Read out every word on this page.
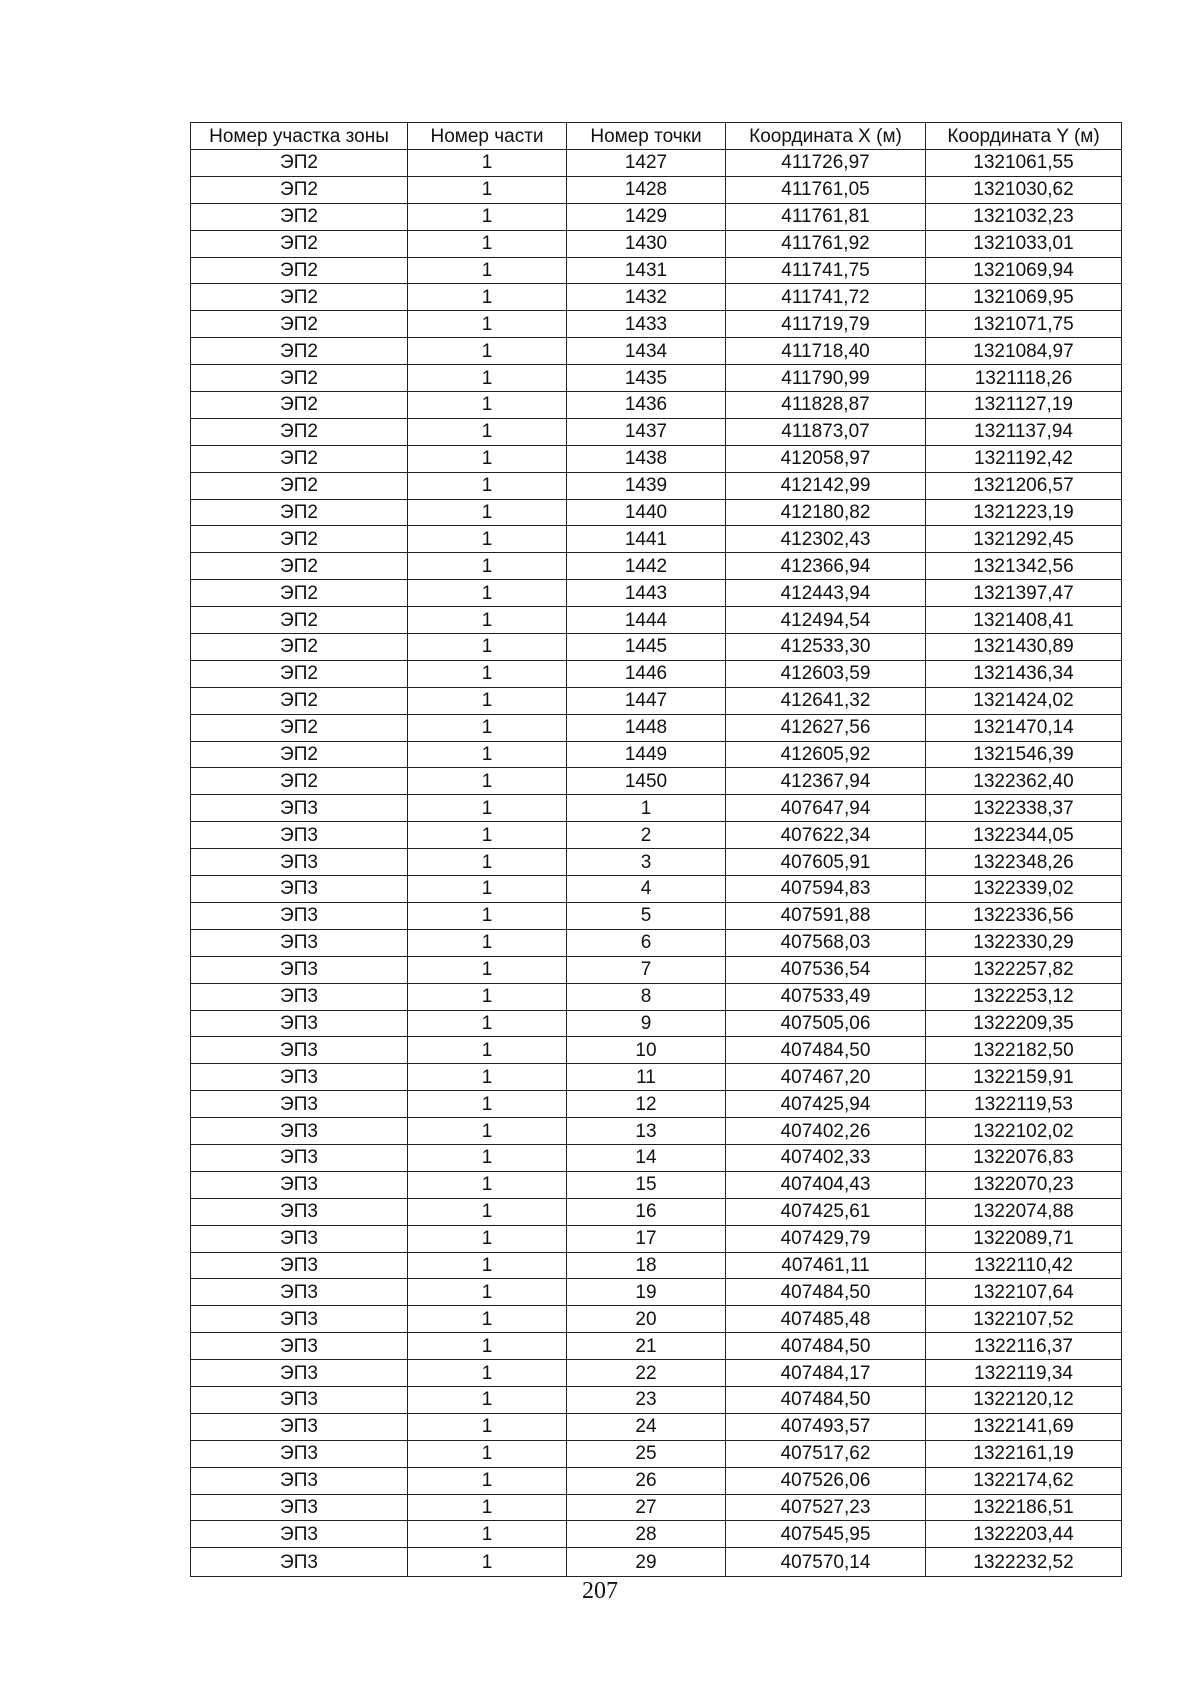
Номер участка зоны	Номер части	Номер точки	Координата X (м)	Координата Y (м)
ЭП2	1	1427	411726,97	1321061,55
ЭП2	1	1428	411761,05	1321030,62
ЭП2	1	1429	411761,81	1321032,23
ЭП2	1	1430	411761,92	1321033,01
ЭП2	1	1431	411741,75	1321069,94
ЭП2	1	1432	411741,72	1321069,95
ЭП2	1	1433	411719,79	1321071,75
ЭП2	1	1434	411718,40	1321084,97
ЭП2	1	1435	411790,99	1321118,26
ЭП2	1	1436	411828,87	1321127,19
ЭП2	1	1437	411873,07	1321137,94
ЭП2	1	1438	412058,97	1321192,42
ЭП2	1	1439	412142,99	1321206,57
ЭП2	1	1440	412180,82	1321223,19
ЭП2	1	1441	412302,43	1321292,45
ЭП2	1	1442	412366,94	1321342,56
ЭП2	1	1443	412443,94	1321397,47
ЭП2	1	1444	412494,54	1321408,41
ЭП2	1	1445	412533,30	1321430,89
ЭП2	1	1446	412603,59	1321436,34
ЭП2	1	1447	412641,32	1321424,02
ЭП2	1	1448	412627,56	1321470,14
ЭП2	1	1449	412605,92	1321546,39
ЭП2	1	1450	412367,94	1322362,40
ЭП3	1	1	407647,94	1322338,37
ЭП3	1	2	407622,34	1322344,05
ЭП3	1	3	407605,91	1322348,26
ЭП3	1	4	407594,83	1322339,02
ЭП3	1	5	407591,88	1322336,56
ЭП3	1	6	407568,03	1322330,29
ЭП3	1	7	407536,54	1322257,82
ЭП3	1	8	407533,49	1322253,12
ЭП3	1	9	407505,06	1322209,35
ЭП3	1	10	407484,50	1322182,50
ЭП3	1	11	407467,20	1322159,91
ЭП3	1	12	407425,94	1322119,53
ЭП3	1	13	407402,26	1322102,02
ЭП3	1	14	407402,33	1322076,83
ЭП3	1	15	407404,43	1322070,23
ЭП3	1	16	407425,61	1322074,88
ЭП3	1	17	407429,79	1322089,71
ЭП3	1	18	407461,11	1322110,42
ЭП3	1	19	407484,50	1322107,64
ЭП3	1	20	407485,48	1322107,52
ЭП3	1	21	407484,50	1322116,37
ЭП3	1	22	407484,17	1322119,34
ЭП3	1	23	407484,50	1322120,12
ЭП3	1	24	407493,57	1322141,69
ЭП3	1	25	407517,62	1322161,19
ЭП3	1	26	407526,06	1322174,62
ЭП3	1	27	407527,23	1322186,51
ЭП3	1	28	407545,95	1322203,44
ЭП3	1	29	407570,14	1322232,52
207
